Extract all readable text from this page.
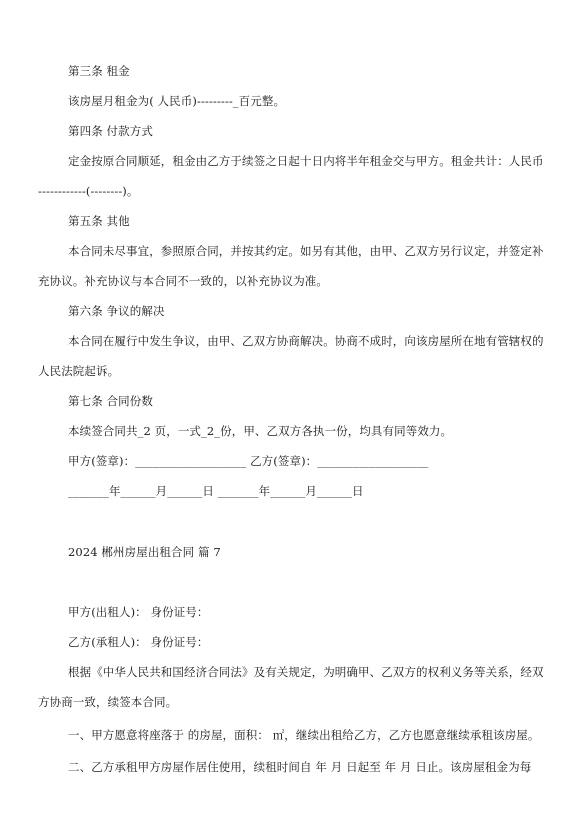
第三条 租金
该房屋月租金为( 人民币)---------_百元整。
第四条 付款方式
定金按原合同顺延，租金由乙方于续签之日起十日内将半年租金交与甲方。租金共计：人民币
------------(--------)。
第五条 其他
本合同未尽事宜，参照原合同，并按其约定。如另有其他，由甲、乙双方另行议定，并签定补
充协议。补充协议与本合同不一致的，以补充协议为准。
第六条 争议的解决
本合同在履行中发生争议，由甲、乙双方协商解决。协商不成时，向该房屋所在地有管辖权的
人民法院起诉。
第七条 合同份数
本续签合同共_2 页，一式_2_份，甲、乙双方各执一份，均具有同等效力。
甲方(签章)：___________________ 乙方(签章)：___________________
_______年______月______日 _______年______月______日
2024 郴州房屋出租合同 篇 7
甲方(出租人)： 身份证号：
乙方(承租人)： 身份证号：
根据《中华人民共和国经济合同法》及有关规定，为明确甲、乙双方的权利义务等关系，经双
方协商一致，续签本合同。
一、甲方愿意将座落于 的房屋，面积： ㎡，继续出租给乙方，乙方也愿意继续承租该房屋。
二、乙方承租甲方房屋作居住使用，续租时间自 年 月 日起至 年 月 日止。该房屋租金为每
